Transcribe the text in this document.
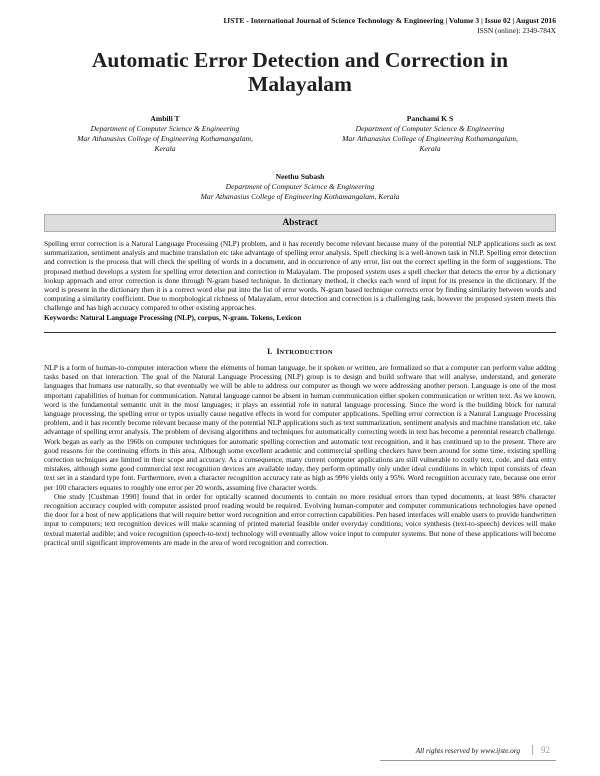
IJSTE - International Journal of Science Technology & Engineering | Volume 3 | Issue 02 | August 2016
ISSN (online): 2349-784X
Automatic Error Detection and Correction in
Malayalam
Ambili T
Department of Computer Science & Engineering
Mar Athanasius College of Engineering Kothamangalam,
Kerala
Panchami K S
Department of Computer Science & Engineering
Mar Athanasius College of Engineering Kothamangalam,
Kerala
Neethu Subash
Department of Computer Science & Engineering
Mar Athanasius College of Engineering Kothamangalam, Kerala
Abstract
Spelling error correction is a Natural Language Processing (NLP) problem, and it has recently become relevant because many of the potential NLP applications such as text summarization, sentiment analysis and machine translation etc take advantage of spelling error analysis. Spell checking is a well-known task in NLP. Spelling error detection and correction is the process that will check the spelling of words in a document, and in occurrence of any error, list out the correct spelling in the form of suggestions. The proposed method develops a system for spelling error detection and correction in Malayalam. The proposed system uses a spell checker that detects the error by a dictionary lookup approach and error correction is done through N-gram based technique. In dictionary method, it checks each word of input for its presence in the dictionary. If the word is present in the dictionary then it is a correct word else put into the list of error words. N-gram based technique corrects error by finding similarity between words and computing a similarity coefficient. Due to morphological richness of Malayalam, error detection and correction is a challenging task, however the proposed system meets this challenge and has high accuracy compared to other existing approaches.
Keywords: Natural Language Processing (NLP), corpus, N-gram. Tokens, Lexicon
I. INTRODUCTION

NLP is a form of human-to-computer interaction where the elements of human language, be it spoken or written, are formalized so that a computer can perform value adding tasks based on that interaction. The goal of the Natural Language Processing (NLP) group is to design and build software that will analyse, understand, and generate languages that humans use naturally, so that eventually we will be able to address our computer as though we were addressing another person. Language is one of the most important capabilities of human for communication. Natural language cannot be absent in human communication either spoken communication or written text. As we known, word is the fundamental semantic unit in the most languages; it plays an essential role in natural language processing. Since the word is the building block for natural language processing, the spelling error or typos usually cause negative effects in word for computer applications. Spelling error correction is a Natural Language Processing problem, and it has recently become relevant because many of the potential NLP applications such as text summarization, sentiment analysis and machine translation etc. take advantage of spelling error analysis. The problem of devising algorithms and techniques for automatically correcting words in text has become a perennial research challenge. Work began as early as the 1960s on computer techniques for automatic spelling correction and automatic text recognition, and it has continued up to the present. There are good reasons for the continuing efforts in this area. Although some excellent academic and commercial spelling checkers have been around for some time, existing spelling correction techniques are limited in their scope and accuracy. As a consequence, many current computer applications are still vulnerable to costly text, code, and data entry mistakes, although some good commercial text recognition devices are available today, they perform optimally only under ideal conditions in which input consists of clean text set in a standard type font. Furthermore, even a character recognition accuracy rate as high as 99% yields only a 95%. Word recognition accuracy rate, because one error per 100 characters equates to roughly one error per 20 words, assuming five character words.

One study [Cushman 1990] found that in order for optically scanned documents to contain no more residual errors than typed documents, at least 98% character recognition accuracy coupled with computer assisted proof reading would be required. Evolving human-computer and computer communications technologies have opened the door for a host of new applications that will require better word recognition and error correction capabilities. Pen based interfaces will enable users to provide handwritten input to computers; text recognition devices will make scanning of printed material feasible under everyday conditions; voice synthesis (text-to-speech) devices will make textual material audible; and voice recognition (speech-to-text) technology will eventually allow voice input to computer systems. But none of these applications will become practical until significant improvements are made in the area of word recognition and correction.

All rights reserved by www.ijste.org	92
